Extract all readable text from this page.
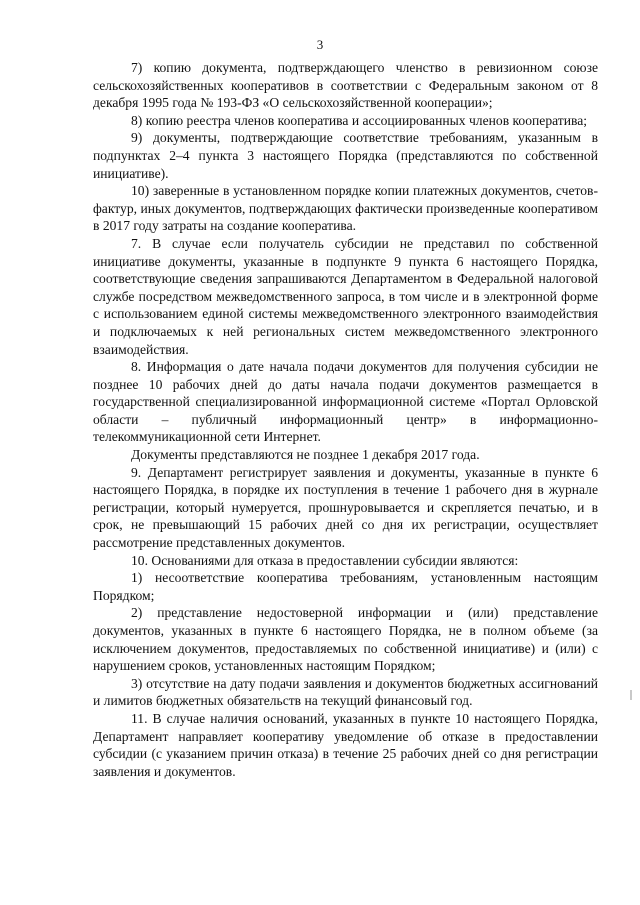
3

7) копию документа, подтверждающего членство в ревизионном союзе сельскохозяйственных кооперативов в соответствии с Федеральным законом от 8 декабря 1995 года № 193-ФЗ «О сельскохозяйственной кооперации»;

8) копию реестра членов кооператива и ассоциированных членов кооператива;

9) документы, подтверждающие соответствие требованиям, указанным в подпунктах 2–4 пункта 3 настоящего Порядка (представляются по собственной инициативе).

10) заверенные в установленном порядке копии платежных документов, счетов-фактур, иных документов, подтверждающих фактически произведенные кооперативом в 2017 году затраты на создание кооператива.

7. В случае если получатель субсидии не представил по собственной инициативе документы, указанные в подпункте 9 пункта 6 настоящего Порядка, соответствующие сведения запрашиваются Департаментом в Федеральной налоговой службе посредством межведомственного запроса, в том числе и в электронной форме с использованием единой системы межведомственного электронного взаимодействия и подключаемых к ней региональных систем межведомственного электронного взаимодействия.

8. Информация о дате начала подачи документов для получения субсидии не позднее 10 рабочих дней до даты начала подачи документов размещается в государственной специализированной информационной системе «Портал Орловской области – публичный информационный центр» в информационно-телекоммуникационной сети Интернет.

Документы представляются не позднее 1 декабря 2017 года.

9. Департамент регистрирует заявления и документы, указанные в пункте 6 настоящего Порядка, в порядке их поступления в течение 1 рабочего дня в журнале регистрации, который нумеруется, прошнуровывается и скрепляется печатью, и в срок, не превышающий 15 рабочих дней со дня их регистрации, осуществляет рассмотрение представленных документов.

10. Основаниями для отказа в предоставлении субсидии являются:

1) несоответствие кооператива требованиям, установленным настоящим Порядком;

2) представление недостоверной информации и (или) представление документов, указанных в пункте 6 настоящего Порядка, не в полном объеме (за исключением документов, предоставляемых по собственной инициативе) и (или) с нарушением сроков, установленных настоящим Порядком;

3) отсутствие на дату подачи заявления и документов бюджетных ассигнований и лимитов бюджетных обязательств на текущий финансовый год.

11. В случае наличия оснований, указанных в пункте 10 настоящего Порядка, Департамент направляет кооперативу уведомление об отказе в предоставлении субсидии (с указанием причин отказа) в течение 25 рабочих дней со дня регистрации заявления и документов.
